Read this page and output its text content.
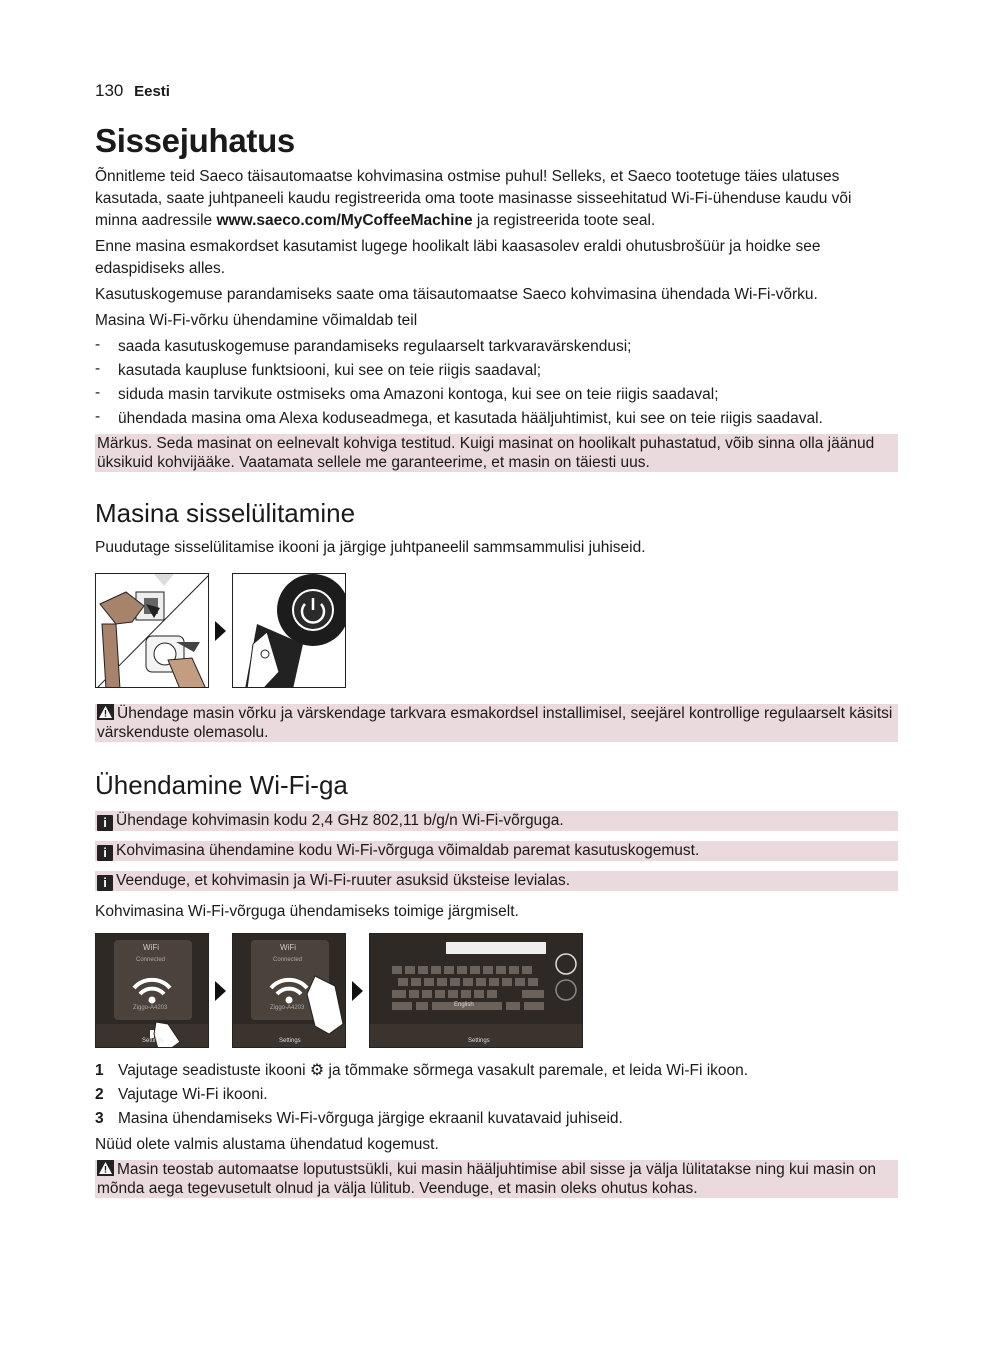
130 Eesti
Sissejuhatus

Õnnitleme teid Saeco täisautomaatse kohvimasina ostmise puhul! Selleks, et Saeco tootetuge täies ulatuses kasutada, saate juhtpaneeli kaudu registreerida oma toote masinasse sisseehitatud Wi-Fi-ühenduse kaudu või minna aadressile www.saeco.com/MyCoffeeMachine ja registreerida toote seal.

Enne masina esmakordset kasutamist lugege hoolikalt läbi kaasasolev eraldi ohutusbrošüür ja hoidke see edaspidiseks alles.

Kasutuskogemuse parandamiseks saate oma täisautomaatse Saeco kohvimasina ühendada Wi-Fi-võrku.

Masina Wi-Fi-võrku ühendamine võimaldab teil

- saada kasutuskogemuse parandamiseks regulaarselt tarkvaravärskendusi;
- kasutada kaupluse funktsiooni, kui see on teie riigis saadaval;
- siduda masin tarvikute ostmiseks oma Amazoni kontoga, kui see on teie riigis saadaval;
- ühendada masina oma Alexa koduseadmega, et kasutada hääljuhtimist, kui see on teie riigis saadaval.
Märkus. Seda masinat on eelnevalt kohviga testitud. Kuigi masinat on hoolikalt puhastatud, võib sinna olla jäänud üksikuid kohvijääke. Vaatamata sellele me garanteerime, et masin on täiesti uus.
Masina sisselülitamine

Puudutage sisselülitamise ikooni ja järgige juhtpaneelil sammsammulisi juhiseid.

Ühendage masin võrku ja värskendage tarkvara esmakordsel installimisel, seejärel kontrollige regulaarselt käsitsi värskenduste olemasolu.
Ühendamine Wi-Fi-ga
i Ühendage kohvimasin kodu 2,4 GHz 802,11 b/g/n Wi-Fi-võrguga.
i Kohvimasina ühendamine kodu Wi-Fi-võrguga võimaldab paremat kasutuskogemust.
i Veenduge, et kohvimasin ja Wi-Fi-ruuter asuksid üksteise levialas.

Kohvimasina Wi-Fi-võrguga ühendamiseks toimige järgmiselt.

WiFi
Connected
Ziggo-A4203
Settings
WiFi
Connected
Ziggo-A4203
Settings
English
Settings
1 Vajutage seadistuste ikooni ⚙ ja tõmmake sõrmega vasakult paremale, et leida Wi-Fi ikoon.
2 Vajutage Wi-Fi ikooni.
3 Masina ühendamiseks Wi-Fi-võrguga järgige ekraanil kuvatavaid juhiseid.

Nüüd olete valmis alustama ühendatud kogemust.

Masin teostab automaatse loputustsükli, kui masin hääljuhtimise abil sisse ja välja lülitatakse ning kui masin on mõnda aega tegevusetult olnud ja välja lülitub. Veenduge, et masin oleks ohutus kohas.
